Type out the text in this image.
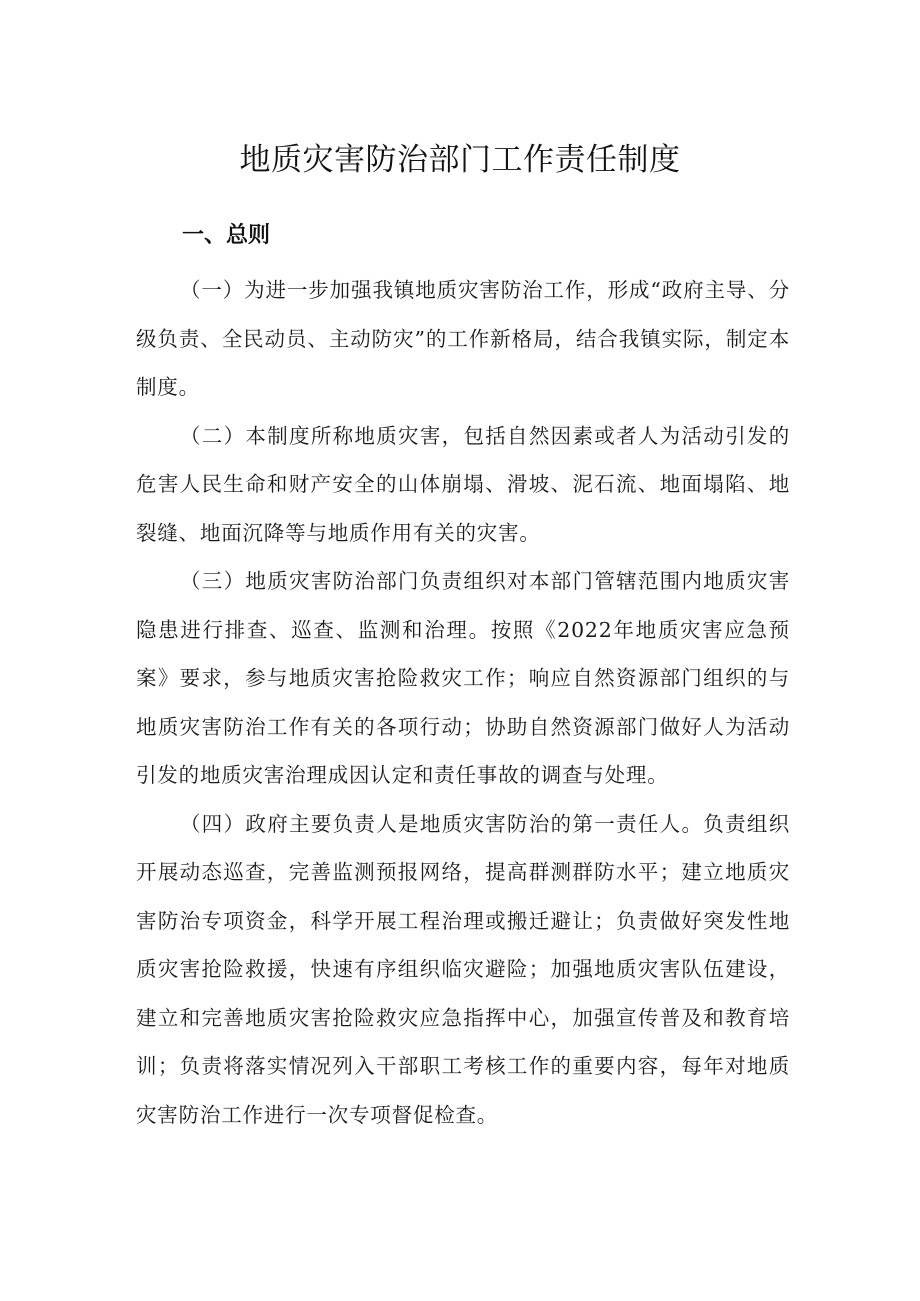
地质灾害防治部门工作责任制度
一、总则

（一）为进一步加强我镇地质灾害防治工作，形成“政府主导、分级负责、全民动员、主动防灾”的工作新格局，结合我镇实际，制定本制度。

（二）本制度所称地质灾害，包括自然因素或者人为活动引发的危害人民生命和财产安全的山体崩塌、滑坡、泥石流、地面塌陷、地裂缝、地面沉降等与地质作用有关的灾害。

（三）地质灾害防治部门负责组织对本部门管辖范围内地质灾害隐患进行排查、巡查、监测和治理。按照《2022年地质灾害应急预案》要求，参与地质灾害抢险救灾工作；响应自然资源部门组织的与地质灾害防治工作有关的各项行动；协助自然资源部门做好人为活动引发的地质灾害治理成因认定和责任事故的调查与处理。

（四）政府主要负责人是地质灾害防治的第一责任人。负责组织开展动态巡查，完善监测预报网络，提高群测群防水平；建立地质灾害防治专项资金，科学开展工程治理或搬迁避让；负责做好突发性地质灾害抢险救援，快速有序组织临灾避险；加强地质灾害队伍建设，建立和完善地质灾害抢险救灾应急指挥中心，加强宣传普及和教育培训；负责将落实情况列入干部职工考核工作的重要内容，每年对地质灾害防治工作进行一次专项督促检查。
